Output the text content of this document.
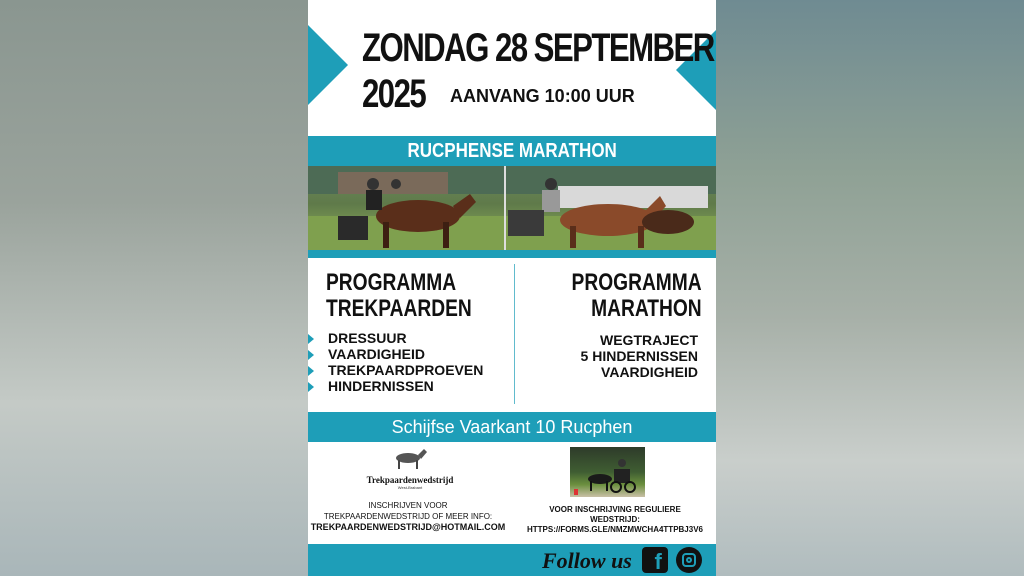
ZONDAG 28 SEPTEMBER
2025 AANVANG 10:00 UUR
RUCPHENSE MARATHON
PROGRAMMA
TREKPAARDEN
DRESSUUR
VAARDIGHEID
TREKPAARDPROEVEN
HINDERNISSEN
PROGRAMMA
MARATHON
WEGTRAJECT
5 HINDERNISSEN
VAARDIGHEID
Schijfse Vaarkant 10 Rucphen
Trekpaardenwedstrijd
West-Brabant
INSCHRIJVEN VOOR
TREKPAARDENWEDSTRIJD OF MEER INFO:
TREKPAARDENWEDSTRIJD@HOTMAIL.COM
VOOR INSCHRIJVING REGULIERE
WEDSTRIJD:
HTTPS://FORMS.GLE/NMZMWCHA4TTPBJ3V6
Follow us	f
